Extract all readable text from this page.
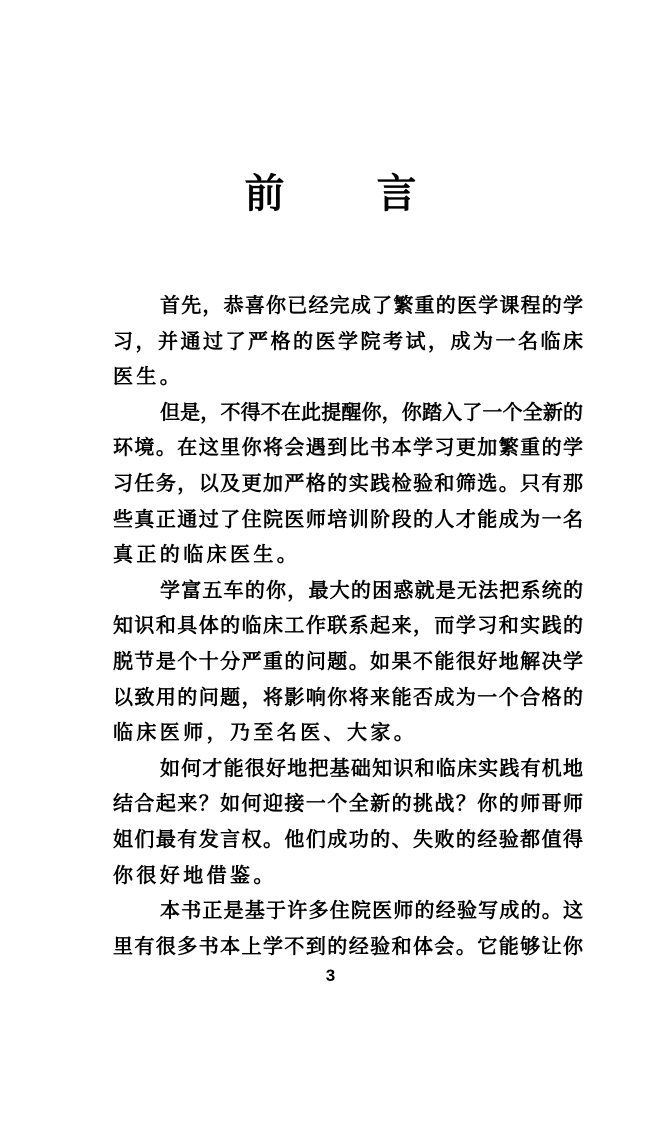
前 言
首先，恭喜你已经完成了繁重的医学课程的学
习，并通过了严格的医学院考试，成为一名临床
医生。
但是，不得不在此提醒你，你踏入了一个全新的
环境。在这里你将会遇到比书本学习更加繁重的学
习任务，以及更加严格的实践检验和筛选。只有那
些真正通过了住院医师培训阶段的人才能成为一名
真正的临床医生。
学富五车的你，最大的困惑就是无法把系统的
知识和具体的临床工作联系起来，而学习和实践的
脱节是个十分严重的问题。如果不能很好地解决学
以致用的问题，将影响你将来能否成为一个合格的
临床医师，乃至名医、大家。
如何才能很好地把基础知识和临床实践有机地
结合起来？如何迎接一个全新的挑战？你的师哥师
姐们最有发言权。他们成功的、失败的经验都值得
你很好地借鉴。
本书正是基于许多住院医师的经验写成的。这
里有很多书本上学不到的经验和体会。它能够让你
3
